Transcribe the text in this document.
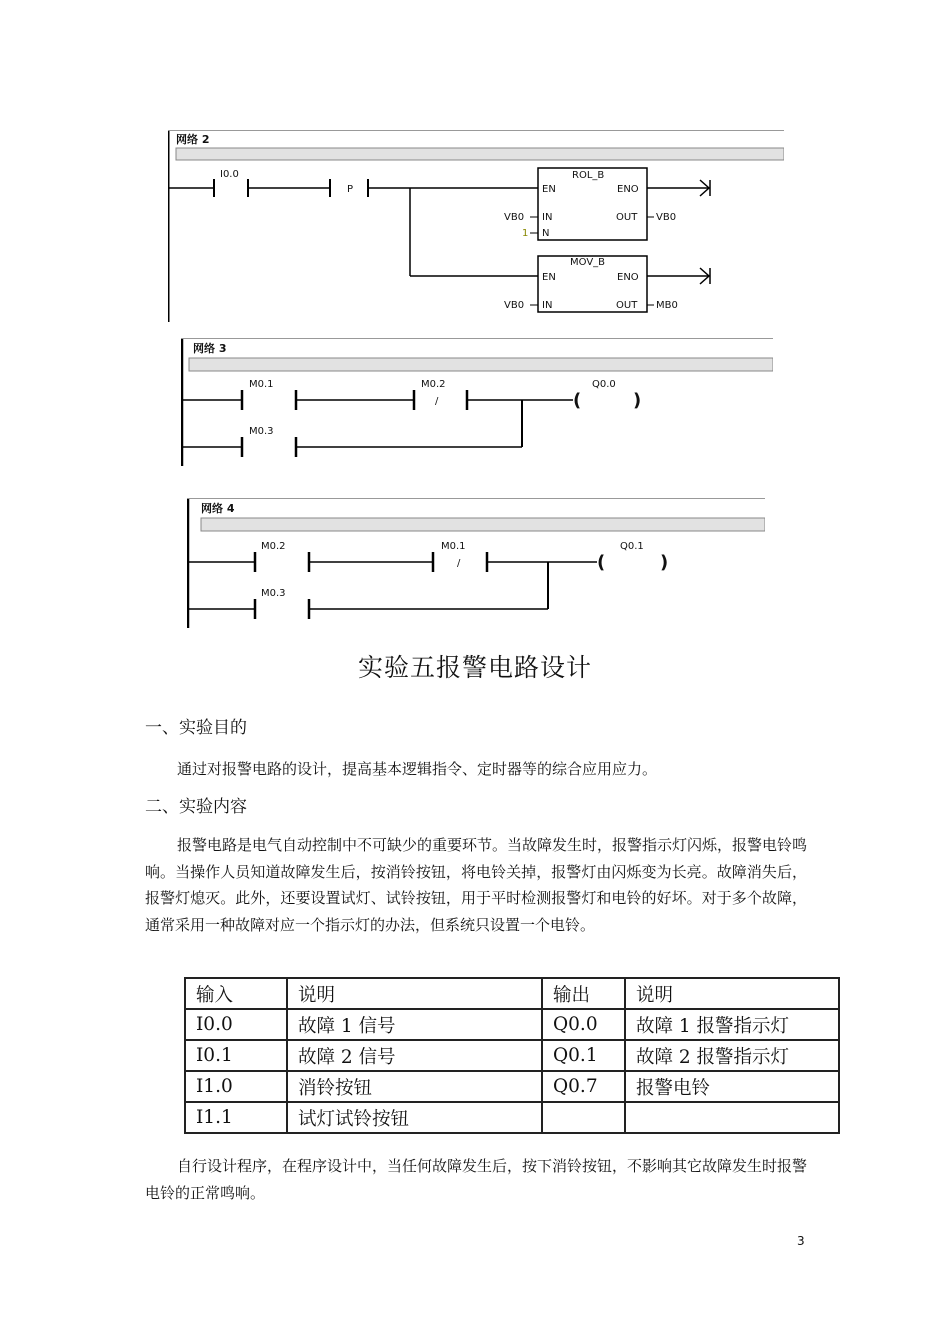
网络 2
I0.0
P
ROL_B
EN	ENO
IN	OUT
N
VB0
1
VB0
MOV_B
EN	ENO
IN	OUT
VB0	MB0
网络 3
M0.1
/
M0.2
(	)
Q0.0
M0.3
网络 4
M0.2
/
M0.1
(	)
Q0.1
M0.3
实验五报警电路设计
一、实验目的
通过对报警电路的设计，提高基本逻辑指令、定时器等的综合应用应力。
二、实验内容
报警电路是电气自动控制中不可缺少的重要环节。当故障发生时，报警指示灯闪烁，报警电铃鸣响。当操作人员知道故障发生后，按消铃按钮，将电铃关掉，报警灯由闪烁变为长亮。故障消失后，报警灯熄灭。此外，还要设置试灯、试铃按钮，用于平时检测报警灯和电铃的好坏。对于多个故障，通常采用一种故障对应一个指示灯的办法，但系统只设置一个电铃。
输入	说明	输出	说明
I0.0	故障 1 信号	Q0.0	故障 1 报警指示灯
I0.1	故障 2 信号	Q0.1	故障 2 报警指示灯
I1.0	消铃按钮	Q0.7	报警电铃
I1.1	试灯试铃按钮		
自行设计程序，在程序设计中，当任何故障发生后，按下消铃按钮，不影响其它故障发生时报警电铃的正常鸣响。
3
